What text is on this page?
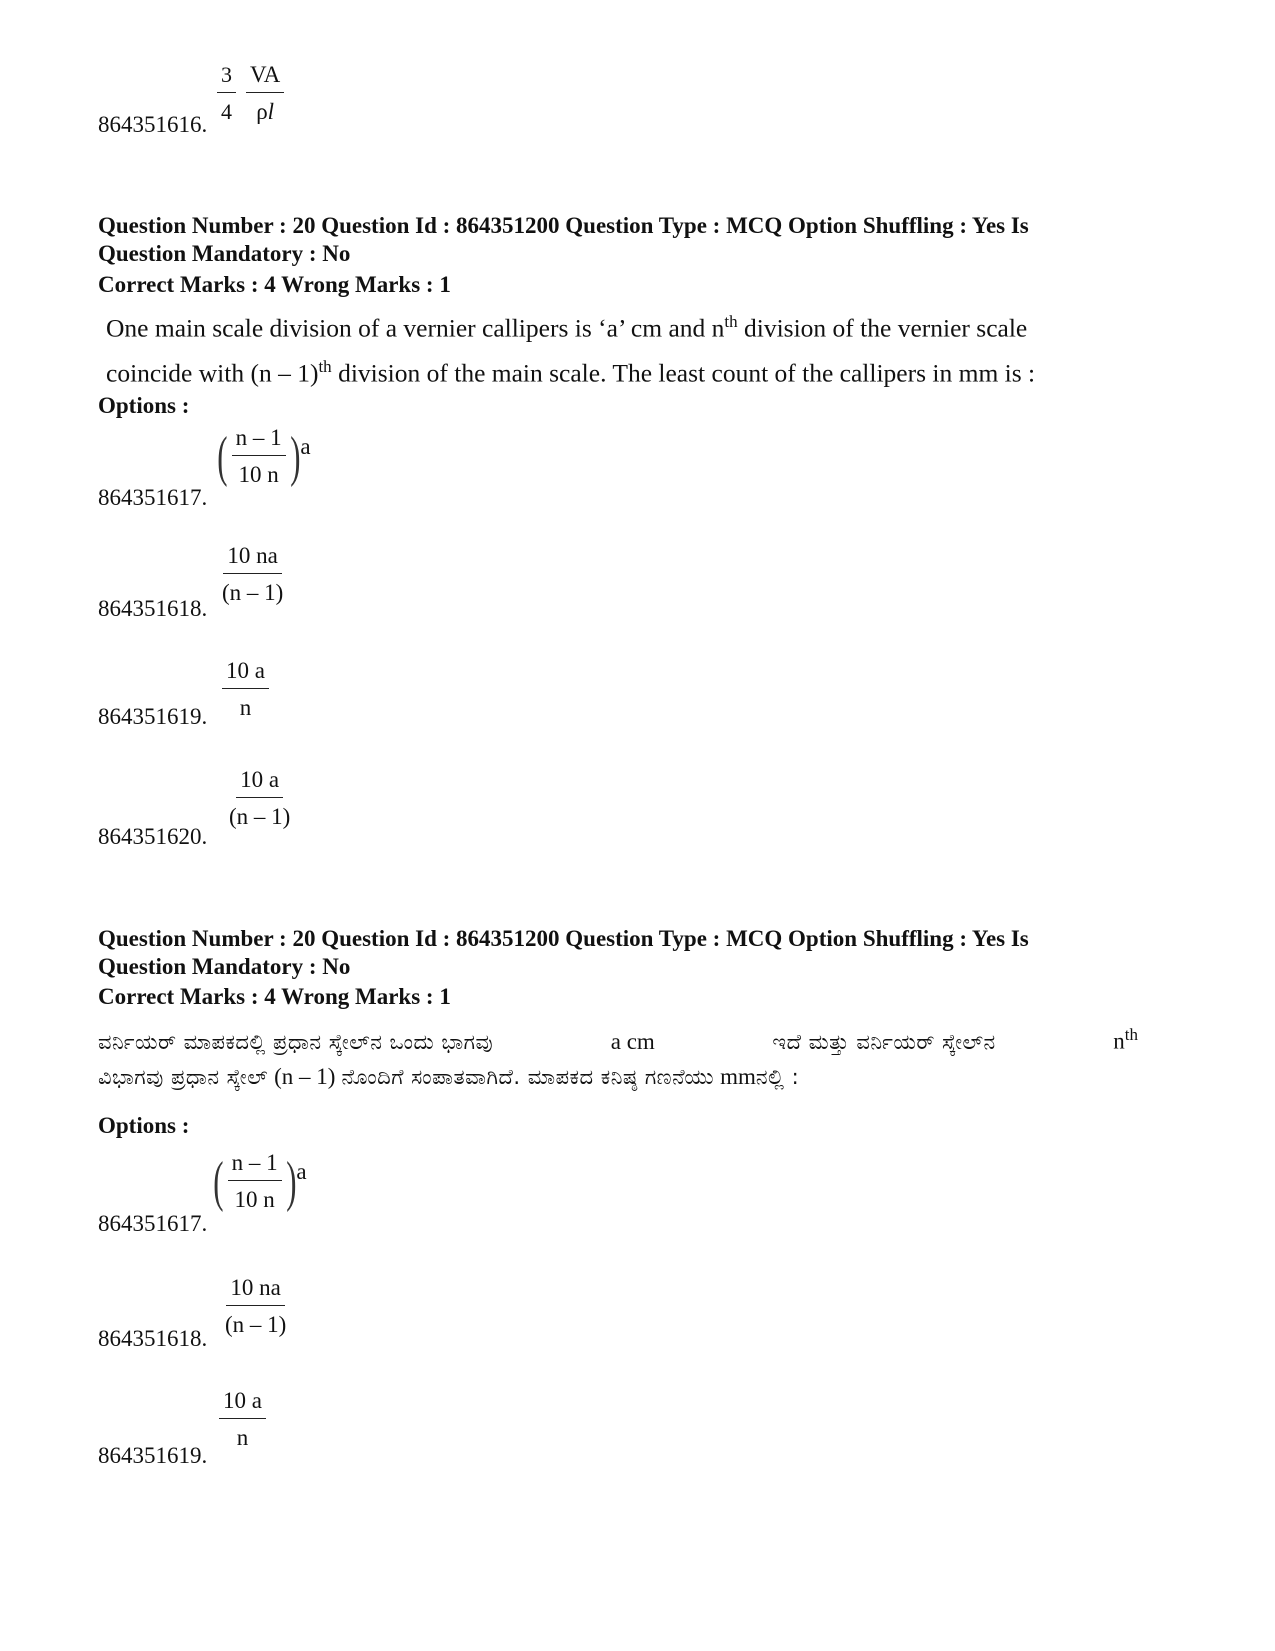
$\frac{3}{4} \frac{VA}{\rho l}$
864351616.
Question Number : 20 Question Id : 864351200 Question Type : MCQ Option Shuffling : Yes Is
Question Mandatory : No
Correct Marks : 4 Wrong Marks : 1
One main scale division of a vernier callipers is ‘a’ cm and $n^{th}$ division of the vernier scale
coincide with (n – 1)$^{th}$ division of the main scale. The least count of the callipers in mm is :
Options :
( $\frac{n - 1}{10 n}$ ) a
864351617.
$\frac{10 na}{(n - 1)}$
864351618.
$\frac{10 a}{n}$
864351619.
$\frac{10 a}{(n - 1)}$
864351620.
Question Number : 20 Question Id : 864351200 Question Type : MCQ Option Shuffling : Yes Is
Question Mandatory : No
Correct Marks : 4 Wrong Marks : 1
ವರ್ನಿಯರ್ ಮಾಪಕದಲ್ಲಿ ಪ್ರಧಾನ ಸ್ಕೇಲ್‌ನ ಒಂದು ಭಾಗವು	a cm	ಇದೆ ಮತ್ತು ವರ್ನಿಯರ್ ಸ್ಕೇಲ್‌ನ	$n^{th}$
ವಿಭಾಗವು ಪ್ರಧಾನ ಸ್ಕೇಲ್ (n – 1) ನೊಂದಿಗೆ ಸಂಪಾತವಾಗಿದೆ. ಮಾಪಕದ ಕನಿಷ್ಠ ಗಣನೆಯು mm ನಲ್ಲಿ :
Options :
( $\frac{n - 1}{10 n}$ ) a
864351617.
$\frac{10 na}{(n - 1)}$
864351618.
$\frac{10 a}{n}$
864351619.
